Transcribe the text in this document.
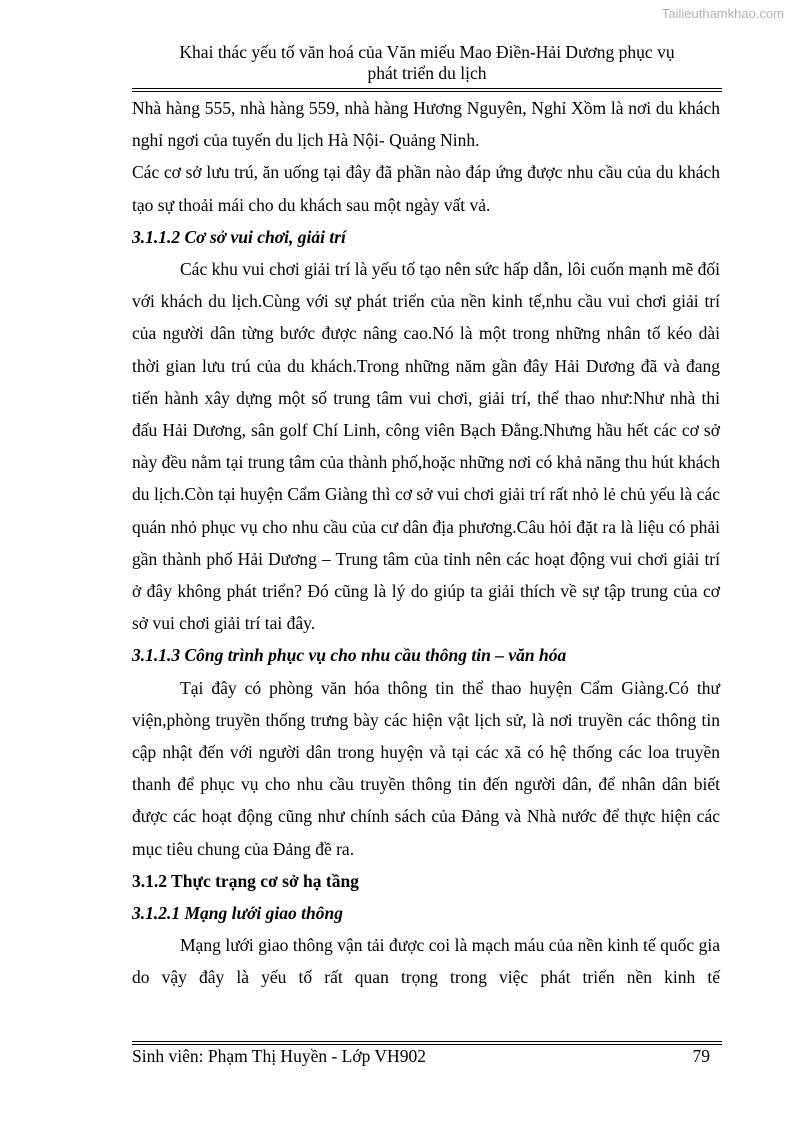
Tailieuthamkhao.com
Khai thác yếu tố văn hoá của Văn miếu Mao Điền-Hải Dương phục vụ
phát triển du lịch

Nhà hàng 555, nhà hàng 559, nhà hàng Hương Nguyên, Nghỉ Xồm là nơi du khách nghỉ ngơi của tuyến du lịch Hà Nội- Quảng Ninh.

Các cơ sở lưu trú, ăn uống tại đây đã phần nào đáp ứng được nhu cầu của du khách tạo sự thoải mái cho du khách sau một ngày vất vả.

3.1.1.2 Cơ sở vui chơi, giải trí

Các khu vui chơi giải trí là yếu tố tạo nên sức hấp dẫn, lôi cuốn mạnh mẽ đối với khách du lịch.Cùng với sự phát triển của nền kinh tế,nhu cầu vui chơi giải trí của người dân từng bước được nâng cao.Nó là một trong những nhân tố kéo dài thời gian lưu trú của du khách.Trong những năm gần đây Hải Dương đã và đang tiến hành xây dựng một số trung tâm vui chơi, giải trí, thể thao như:Như nhà thi đấu Hải Dương, sân golf Chí Linh, công viên Bạch Đằng.Nhưng hầu hết các cơ sở này đều nằm tại trung tâm của thành phố,hoặc những nơi có khả năng thu hút khách du lịch.Còn tại huyện Cẩm Giàng thì cơ sở vui chơi giải trí rất nhỏ lẻ chủ yếu là các quán nhỏ phục vụ cho nhu cầu của cư dân địa phương.Câu hỏi đặt ra là liệu có phải gần thành phố Hải Dương – Trung tâm của tỉnh nên các hoạt động vui chơi giải trí ở đây không phát triển? Đó cũng là lý do giúp ta giải thích về sự tập trung của cơ sở vui chơi giải trí tai đây.

3.1.1.3 Công trình phục vụ cho nhu cầu thông tin – văn hóa

Tại đây có phòng văn hóa thông tin thể thao huyện Cẩm Giàng.Có thư viện,phòng truyền thống trưng bày các hiện vật lịch sử, là nơi truyền các thông tin cập nhật đến với người dân trong huyện và tại các xã có hệ thống các loa truyền thanh để phục vụ cho nhu cầu truyền thông tin đến người dân, để nhân dân biết được các hoạt động cũng như chính sách của Đảng và Nhà nước để thực hiện các mục tiêu chung của Đảng đề ra.

3.1.2 Thực trạng cơ sở hạ tầng
3.1.2.1 Mạng lưới giao thông

Mạng lưới giao thông vận tải được coi là mạch máu của nền kinh tế quốc gia do vậy đây là yếu tố rất quan trọng trong việc phát triển nền kinh tế

Sinh viên: Phạm Thị Huyền - Lớp VH902	79
